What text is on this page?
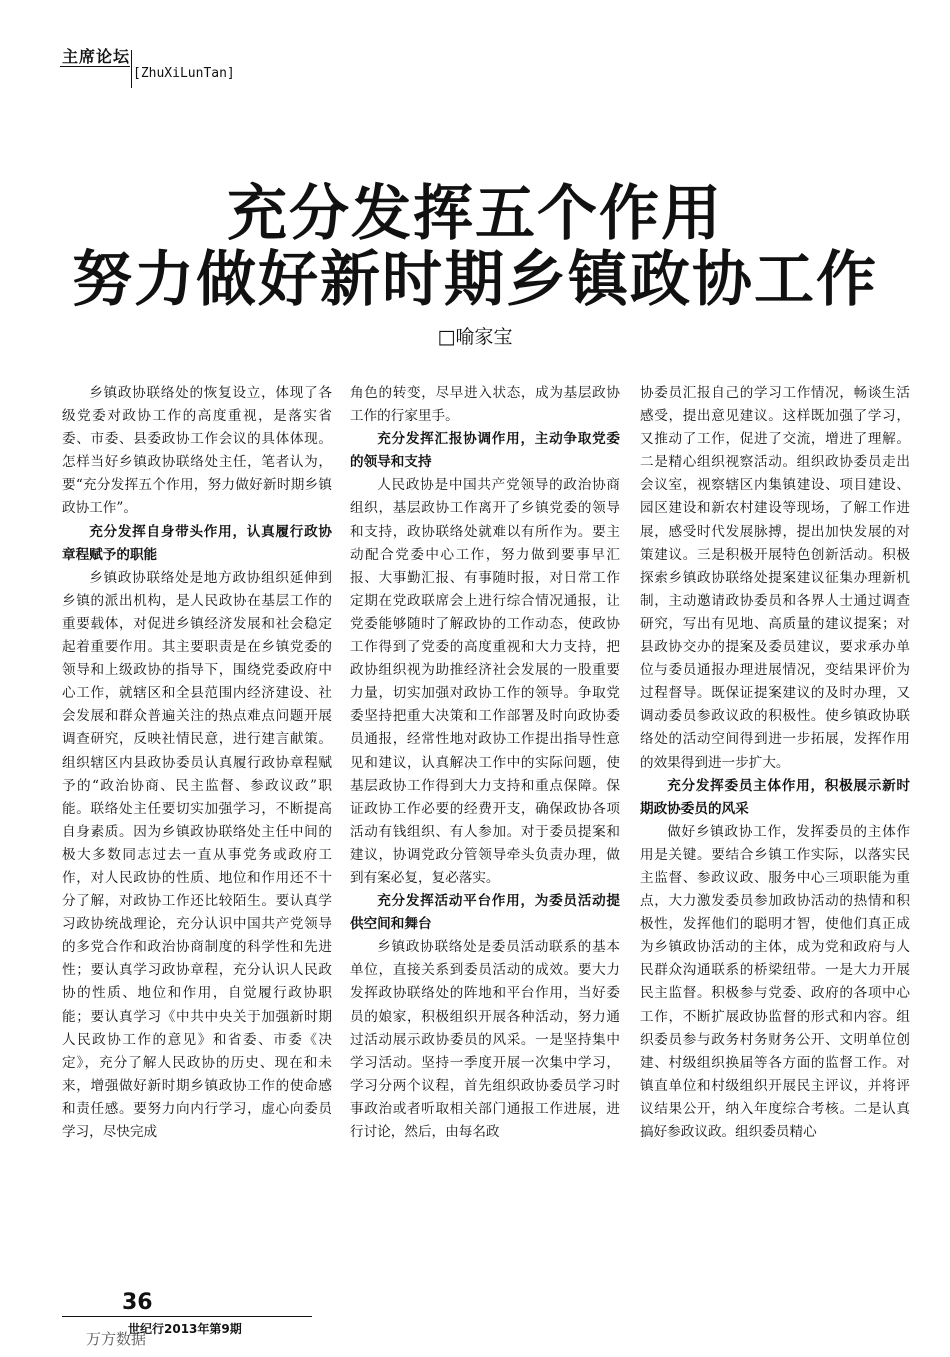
主席论坛
[ZhuXiLunTan]
充分发挥五个作用
努力做好新时期乡镇政协工作
□喻家宝

乡镇政协联络处的恢复设立，体现了各级党委对政协工作的高度重视，是落实省委、市委、县委政协工作会议的具体体现。怎样当好乡镇政协联络处主任，笔者认为，要“充分发挥五个作用，努力做好新时期乡镇政协工作”。

充分发挥自身带头作用，认真履行政协章程赋予的职能

乡镇政协联络处是地方政协组织延伸到乡镇的派出机构，是人民政协在基层工作的重要载体，对促进乡镇经济发展和社会稳定起着重要作用。其主要职责是在乡镇党委的领导和上级政协的指导下，围绕党委政府中心工作，就辖区和全县范围内经济建设、社会发展和群众普遍关注的热点难点问题开展调查研究，反映社情民意，进行建言献策。组织辖区内县政协委员认真履行政协章程赋予的“政治协商、民主监督、参政议政”职能。联络处主任要切实加强学习，不断提高自身素质。因为乡镇政协联络处主任中间的极大多数同志过去一直从事党务或政府工作，对人民政协的性质、地位和作用还不十分了解，对政协工作还比较陌生。要认真学习政协统战理论，充分认识中国共产党领导的多党合作和政治协商制度的科学性和先进性；要认真学习政协章程，充分认识人民政协的性质、地位和作用，自觉履行政协职能；要认真学习《中共中央关于加强新时期人民政协工作的意见》和省委、市委《决定》，充分了解人民政协的历史、现在和未来，增强做好新时期乡镇政协工作的使命感和责任感。要努力向内行学习，虚心向委员学习，尽快完成

角色的转变，尽早进入状态，成为基层政协工作的行家里手。

充分发挥汇报协调作用，主动争取党委的领导和支持

人民政协是中国共产党领导的政治协商组织，基层政协工作离开了乡镇党委的领导和支持，政协联络处就难以有所作为。要主动配合党委中心工作，努力做到要事早汇报、大事勤汇报、有事随时报，对日常工作定期在党政联席会上进行综合情况通报，让党委能够随时了解政协的工作动态，使政协工作得到了党委的高度重视和大力支持，把政协组织视为助推经济社会发展的一股重要力量，切实加强对政协工作的领导。争取党委坚持把重大决策和工作部署及时向政协委员通报，经常性地对政协工作提出指导性意见和建议，认真解决工作中的实际问题，使基层政协工作得到大力支持和重点保障。保证政协工作必要的经费开支，确保政协各项活动有钱组织、有人参加。对于委员提案和建议，协调党政分管领导牵头负责办理，做到有案必复，复必落实。

充分发挥活动平台作用，为委员活动提供空间和舞台

乡镇政协联络处是委员活动联系的基本单位，直接关系到委员活动的成效。要大力发挥政协联络处的阵地和平台作用，当好委员的娘家，积极组织开展各种活动，努力通过活动展示政协委员的风采。一是坚持集中学习活动。坚持一季度开展一次集中学习，学习分两个议程，首先组织政协委员学习时事政治或者听取相关部门通报工作进展，进行讨论，然后，由每名政

协委员汇报自己的学习工作情况，畅谈生活感受，提出意见建议。这样既加强了学习，又推动了工作，促进了交流，增进了理解。二是精心组织视察活动。组织政协委员走出会议室，视察辖区内集镇建设、项目建设、园区建设和新农村建设等现场，了解工作进展，感受时代发展脉搏，提出加快发展的对策建议。三是积极开展特色创新活动。积极探索乡镇政协联络处提案建议征集办理新机制，主动邀请政协委员和各界人士通过调查研究，写出有见地、高质量的建议提案；对县政协交办的提案及委员建议，要求承办单位与委员通报办理进展情况，变结果评价为过程督导。既保证提案建议的及时办理，又调动委员参政议政的积极性。使乡镇政协联络处的活动空间得到进一步拓展，发挥作用的效果得到进一步扩大。

充分发挥委员主体作用，积极展示新时期政协委员的风采

做好乡镇政协工作，发挥委员的主体作用是关键。要结合乡镇工作实际，以落实民主监督、参政议政、服务中心三项职能为重点，大力激发委员参加政协活动的热情和积极性，发挥他们的聪明才智，使他们真正成为乡镇政协活动的主体，成为党和政府与人民群众沟通联系的桥梁纽带。一是大力开展民主监督。积极参与党委、政府的各项中心工作，不断扩展政协监督的形式和内容。组织委员参与政务村务财务公开、文明单位创建、村级组织换届等各方面的监督工作。对镇直单位和村级组织开展民主评议，并将评议结果公开，纳入年度综合考核。二是认真搞好参政议政。组织委员精心

36
万方数据
世纪行2013年第9期
